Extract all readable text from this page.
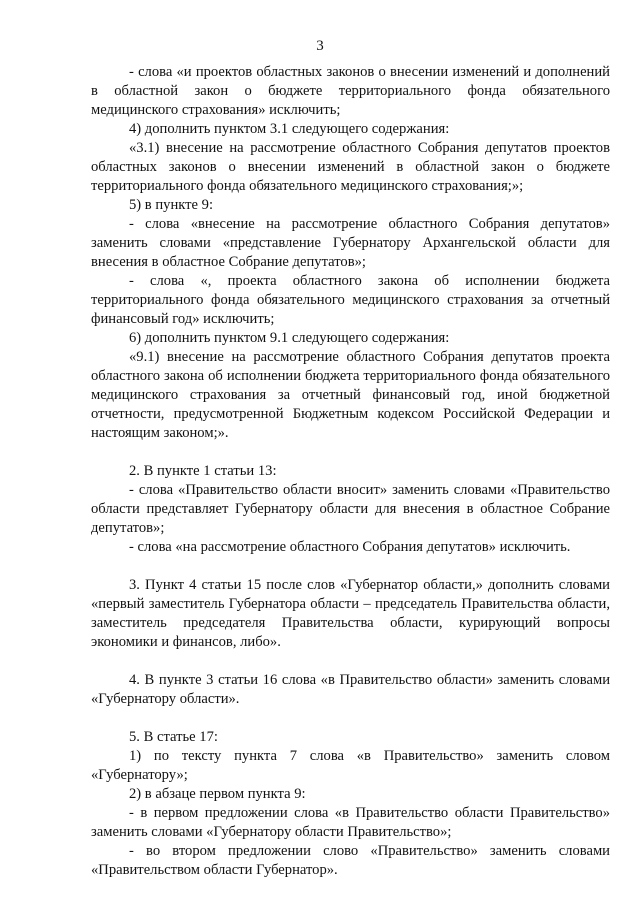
3

- слова «и проектов областных законов о внесении изменений и дополнений в областной закон о бюджете территориального фонда обязательного медицинского страхования» исключить;

4) дополнить пунктом 3.1 следующего содержания:

«3.1) внесение на рассмотрение областного Собрания депутатов проектов областных законов о внесении изменений в областной закон о бюджете территориального фонда обязательного медицинского страхования;»;

5) в пункте 9:

- слова «внесение на рассмотрение областного Собрания депутатов» заменить словами «представление Губернатору Архангельской области для внесения в областное Собрание депутатов»;

- слова «, проекта областного закона об исполнении бюджета территориального фонда обязательного медицинского страхования за отчетный финансовый год» исключить;

6) дополнить пунктом 9.1 следующего содержания:

«9.1) внесение на рассмотрение областного Собрания депутатов проекта областного закона об исполнении бюджета территориального фонда обязательного медицинского страхования за отчетный финансовый год, иной бюджетной отчетности, предусмотренной Бюджетным кодексом Российской Федерации и настоящим законом;».

2. В пункте 1 статьи 13:

- слова «Правительство области вносит» заменить словами «Правительство области представляет Губернатору области для внесения в областное Собрание депутатов»;

- слова «на рассмотрение областного Собрания депутатов» исключить.

3. Пункт 4 статьи 15 после слов «Губернатор области,» дополнить словами «первый заместитель Губернатора области – председатель Правительства области, заместитель председателя Правительства области, курирующий вопросы экономики и финансов, либо».

4. В пункте 3 статьи 16 слова «в Правительство области» заменить словами «Губернатору области».

5. В статье 17:

1) по тексту пункта 7 слова «в Правительство» заменить словом «Губернатору»;

2) в абзаце первом пункта 9:

- в первом предложении слова «в Правительство области Правительство» заменить словами «Губернатору области Правительство»;

- во втором предложении слово «Правительство» заменить словами «Правительством области Губернатор».
